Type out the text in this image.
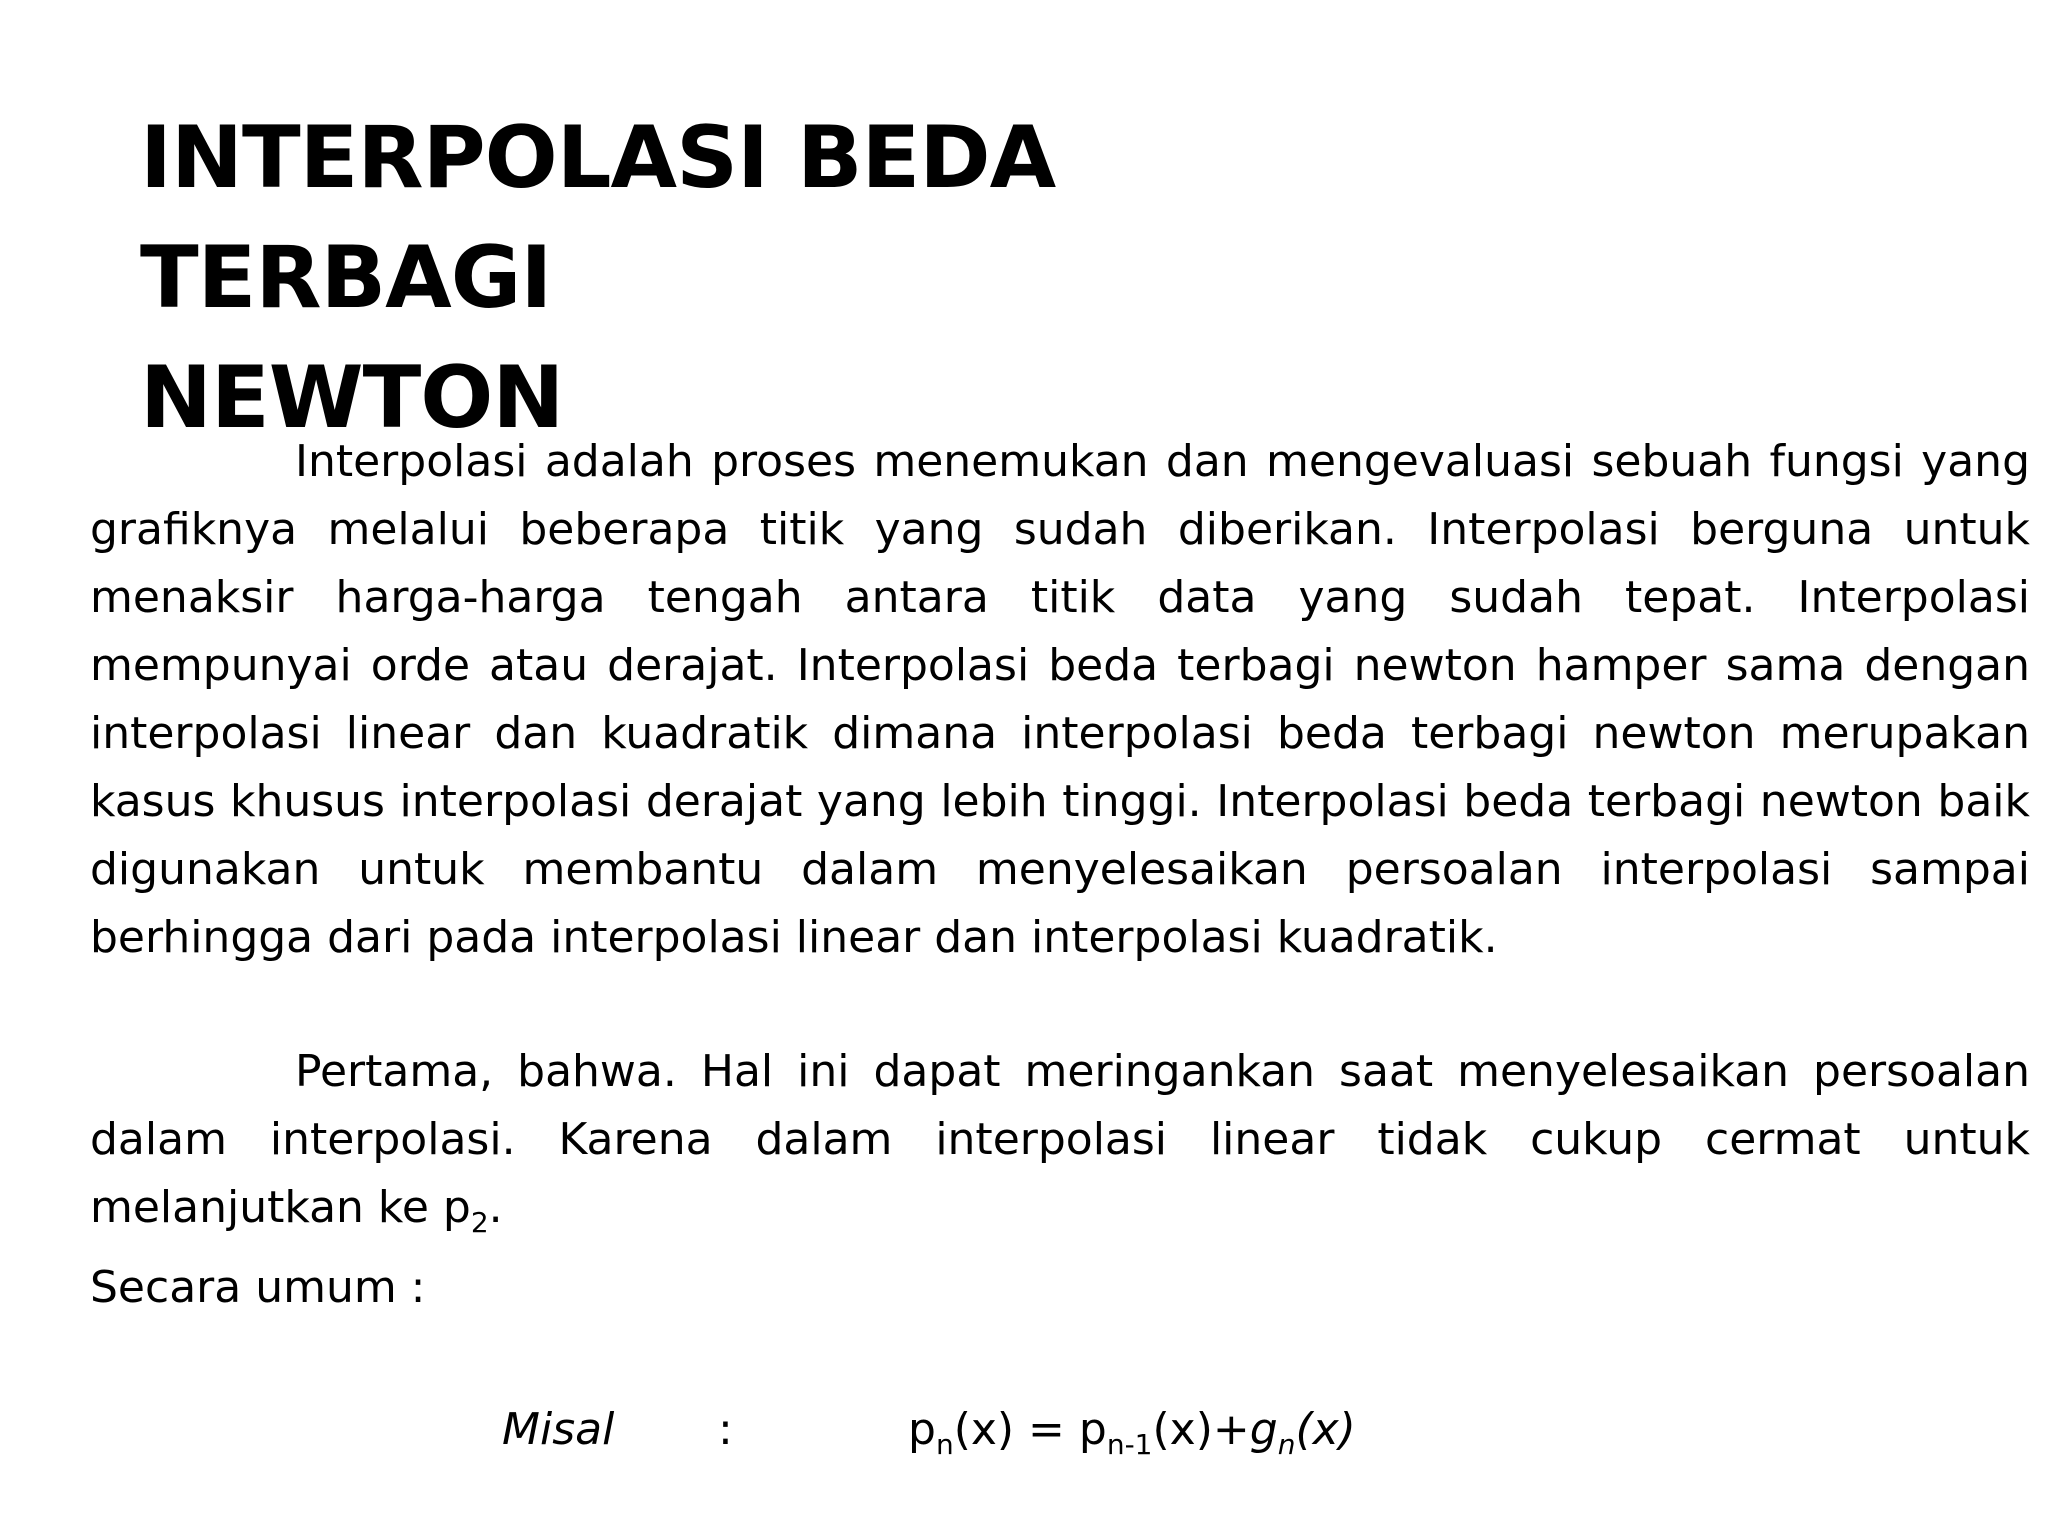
INTERPOLASI BEDA TERBAGI
NEWTON

Interpolasi adalah proses menemukan dan mengevaluasi sebuah fungsi yang grafiknya melalui beberapa titik yang sudah diberikan. Interpolasi berguna untuk menaksir harga-harga tengah antara titik data yang sudah tepat. Interpolasi mempunyai orde atau derajat. Interpolasi beda terbagi newton hamper sama dengan interpolasi linear dan kuadratik dimana interpolasi beda terbagi newton merupakan kasus khusus interpolasi derajat yang lebih tinggi. Interpolasi beda terbagi newton baik digunakan untuk membantu dalam menyelesaikan persoalan interpolasi sampai berhingga dari pada interpolasi linear dan interpolasi kuadratik.

Pertama, bahwa. Hal ini dapat meringankan saat menyelesaikan persoalan dalam interpolasi. Karena dalam interpolasi linear tidak cukup cermat untuk melanjutkan ke $p_2$.

Secara umum :

Misal :	$p_n(x) = p_{n-1}(x)+g_n(x)$
